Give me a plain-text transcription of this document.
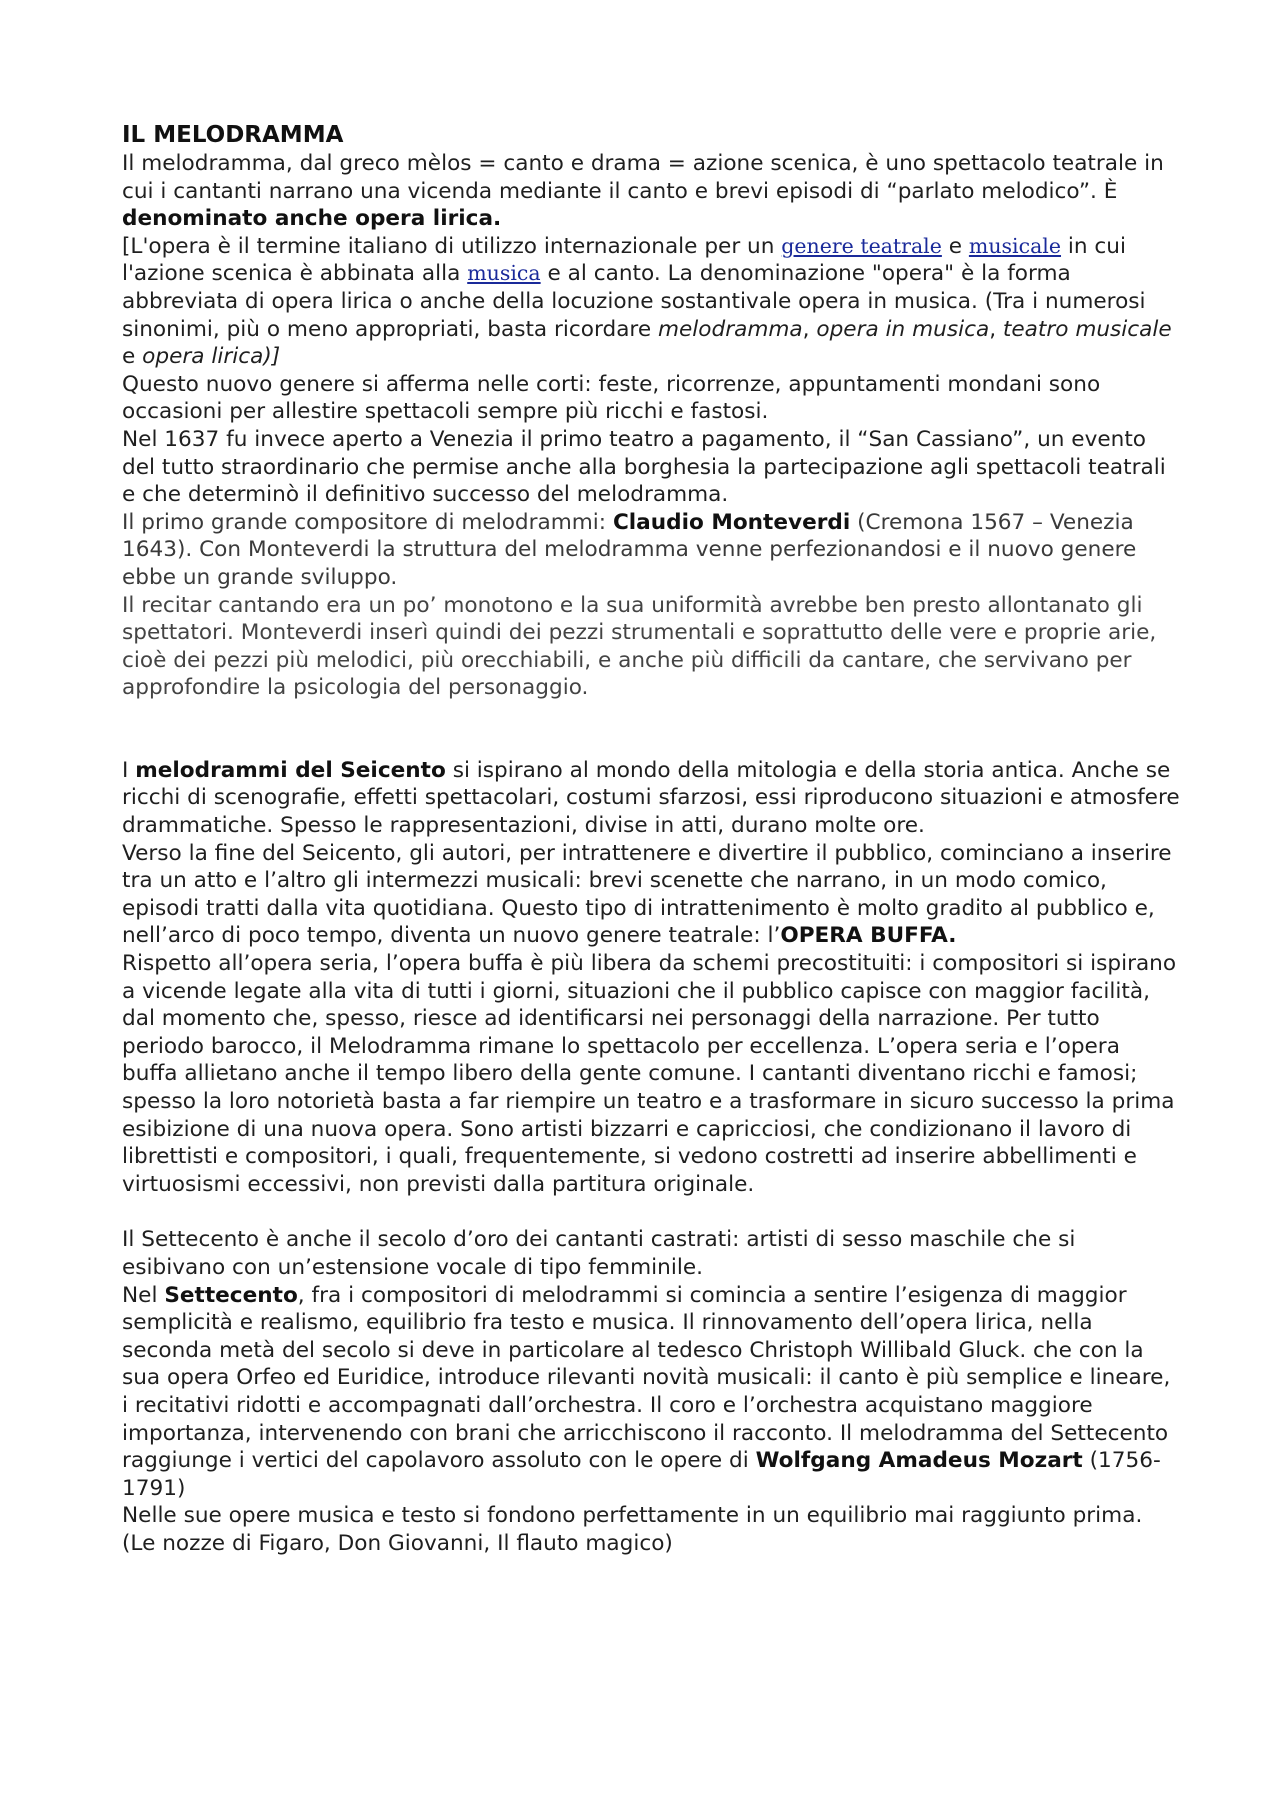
IL MELODRAMMA

Il melodramma, dal greco mèlos = canto e drama = azione scenica, è uno spettacolo teatrale in cui i cantanti narrano una vicenda mediante il canto e brevi episodi di “parlato melodico”. È denominato anche opera lirica.

[L'opera è il termine italiano di utilizzo internazionale per un genere teatrale e musicale in cui l'azione scenica è abbinata alla musica e al canto. La denominazione "opera" è la forma abbreviata di opera lirica o anche della locuzione sostantivale opera in musica. (Tra i numerosi sinonimi, più o meno appropriati, basta ricordare melodramma, opera in musica, teatro musicale e opera lirica)]

Questo nuovo genere si afferma nelle corti: feste, ricorrenze, appuntamenti mondani sono occasioni per allestire spettacoli sempre più ricchi e fastosi.

Nel 1637 fu invece aperto a Venezia il primo teatro a pagamento, il “San Cassiano”, un evento del tutto straordinario che permise anche alla borghesia la partecipazione agli spettacoli teatrali e che determinò il definitivo successo del melodramma.

Il primo grande compositore di melodrammi: Claudio Monteverdi (Cremona 1567 – Venezia 1643). Con Monteverdi la struttura del melodramma venne perfezionandosi e il nuovo genere ebbe un grande sviluppo.

Il recitar cantando era un po’ monotono e la sua uniformità avrebbe ben presto allontanato gli spettatori. Monteverdi inserì quindi dei pezzi strumentali e soprattutto delle vere e proprie arie, cioè dei pezzi più melodici, più orecchiabili, e anche più difficili da cantare, che servivano per approfondire la psicologia del personaggio.

I melodrammi del Seicento si ispirano al mondo della mitologia e della storia antica. Anche se ricchi di scenografie, effetti spettacolari, costumi sfarzosi, essi riproducono situazioni e atmosfere drammatiche. Spesso le rappresentazioni, divise in atti, durano molte ore.

Verso la fine del Seicento, gli autori, per intrattenere e divertire il pubblico, cominciano a inserire tra un atto e l’altro gli intermezzi musicali: brevi scenette che narrano, in un modo comico, episodi tratti dalla vita quotidiana. Questo tipo di intrattenimento è molto gradito al pubblico e, nell’arco di poco tempo, diventa un nuovo genere teatrale: l’OPERA BUFFA.

Rispetto all’opera seria, l’opera buffa è più libera da schemi precostituiti: i compositori si ispirano a vicende legate alla vita di tutti i giorni, situazioni che il pubblico capisce con maggior facilità, dal momento che, spesso, riesce ad identificarsi nei personaggi della narrazione. Per tutto periodo barocco, il Melodramma rimane lo spettacolo per eccellenza. L’opera seria e l’opera buffa allietano anche il tempo libero della gente comune. I cantanti diventano ricchi e famosi; spesso la loro notorietà basta a far riempire un teatro e a trasformare in sicuro successo la prima esibizione di una nuova opera. Sono artisti bizzarri e capricciosi, che condizionano il lavoro di librettisti e compositori, i quali, frequentemente, si vedono costretti ad inserire abbellimenti e virtuosismi eccessivi, non previsti dalla partitura originale.

Il Settecento è anche il secolo d’oro dei cantanti castrati: artisti di sesso maschile che si esibivano con un’estensione vocale di tipo femminile.

Nel Settecento, fra i compositori di melodrammi si comincia a sentire l’esigenza di maggior semplicità e realismo, equilibrio fra testo e musica. Il rinnovamento dell’opera lirica, nella seconda metà del secolo si deve in particolare al tedesco Christoph Willibald Gluck. che con la sua opera Orfeo ed Euridice, introduce rilevanti novità musicali: il canto è più semplice e lineare, i recitativi ridotti e accompagnati dall’orchestra. Il coro e l’orchestra acquistano maggiore importanza, intervenendo con brani che arricchiscono il racconto. Il melodramma del Settecento raggiunge i vertici del capolavoro assoluto con le opere di Wolfgang Amadeus Mozart (1756-1791)

Nelle sue opere musica e testo si fondono perfettamente in un equilibrio mai raggiunto prima. (Le nozze di Figaro, Don Giovanni, Il flauto magico)
